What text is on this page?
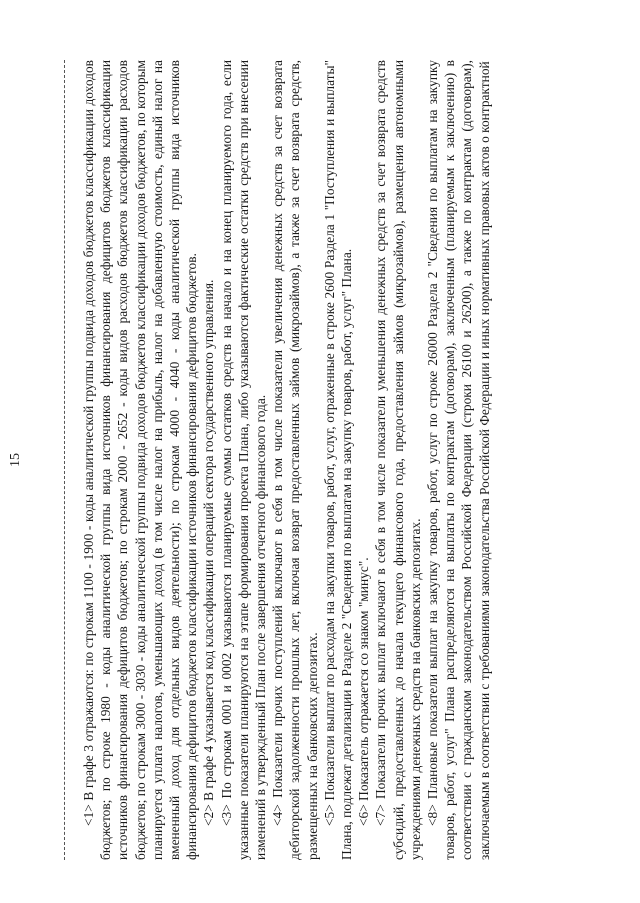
15

<1> В графе 3 отражаются: по строкам 1100 - 1900 - коды аналитической группы подвида доходов бюджетов классификации доходов бюджетов; по строке 1980 - коды аналитической группы вида источников финансирования дефицитов бюджетов классификации источников финансирования дефицитов бюджетов; по строкам 2000 - 2652 - коды видов расходов бюджетов классификации расходов бюджетов; по строкам 3000 - 3030 - коды аналитической группы подвида доходов бюджетов классификации доходов бюджетов, по которым планируется уплата налогов, уменьшающих доход (в том числе налог на прибыль, налог на добавленную стоимость, единый налог на вмененный доход для отдельных видов деятельности); по строкам 4000 - 4040 - коды аналитической группы вида источников финансирования дефицитов бюджетов классификации источников финансирования дефицитов бюджетов. <2> В графе 4 указывается код классификации операций сектора государственного управления.

<3> По строкам 0001 и 0002 указываются планируемые суммы остатков средств на начало и на конец планируемого года, если указанные показатели планируются на этапе формирования проекта Плана, либо указываются фактические остатки средств при внесении изменений в утвержденный План после завершения отчетного финансового года. <4> Показатели прочих поступлений включают в себя в том числе показатели увеличения денежных средств за счет возврата дебиторской задолженности прошлых лет, включая возврат предоставленных займов (микрозаймов), а также за счет возврата средств, размещенных на банковских депозитах. <5> Показатели выплат по расходам на закупки товаров, работ, услуг, отраженные в строке 2600 Раздела 1 "Поступления и выплаты" Плана, подлежат детализации в Разделе 2 "Сведения по выплатам на закупку товаров, работ, услуг" Плана. <6> Показатель отражается со знаком "минус".

<7> Показатели прочих выплат включают в себя в том числе показатели уменьшения денежных средств за счет возврата средств субсидий, предоставленных до начала текущего финансового года, предоставления займов (микрозаймов), размещения автономными учреждениями денежных средств на банковских депозитах. <8> Плановые показатели выплат на закупку товаров, работ, услуг по строке 26000 Раздела 2 "Сведения по выплатам на закупку товаров, работ, услуг" Плана распределяются на выплаты по контрактам (договорам), заключенным (планируемым к заключению) в соответствии с гражданским законодательством Российской Федерации (строки 26100 и 26200), а также по контрактам (договорам), заключаемым в соответствии с требованиями законодательства Российской Федерации и иных нормативных правовых актов о контрактной
